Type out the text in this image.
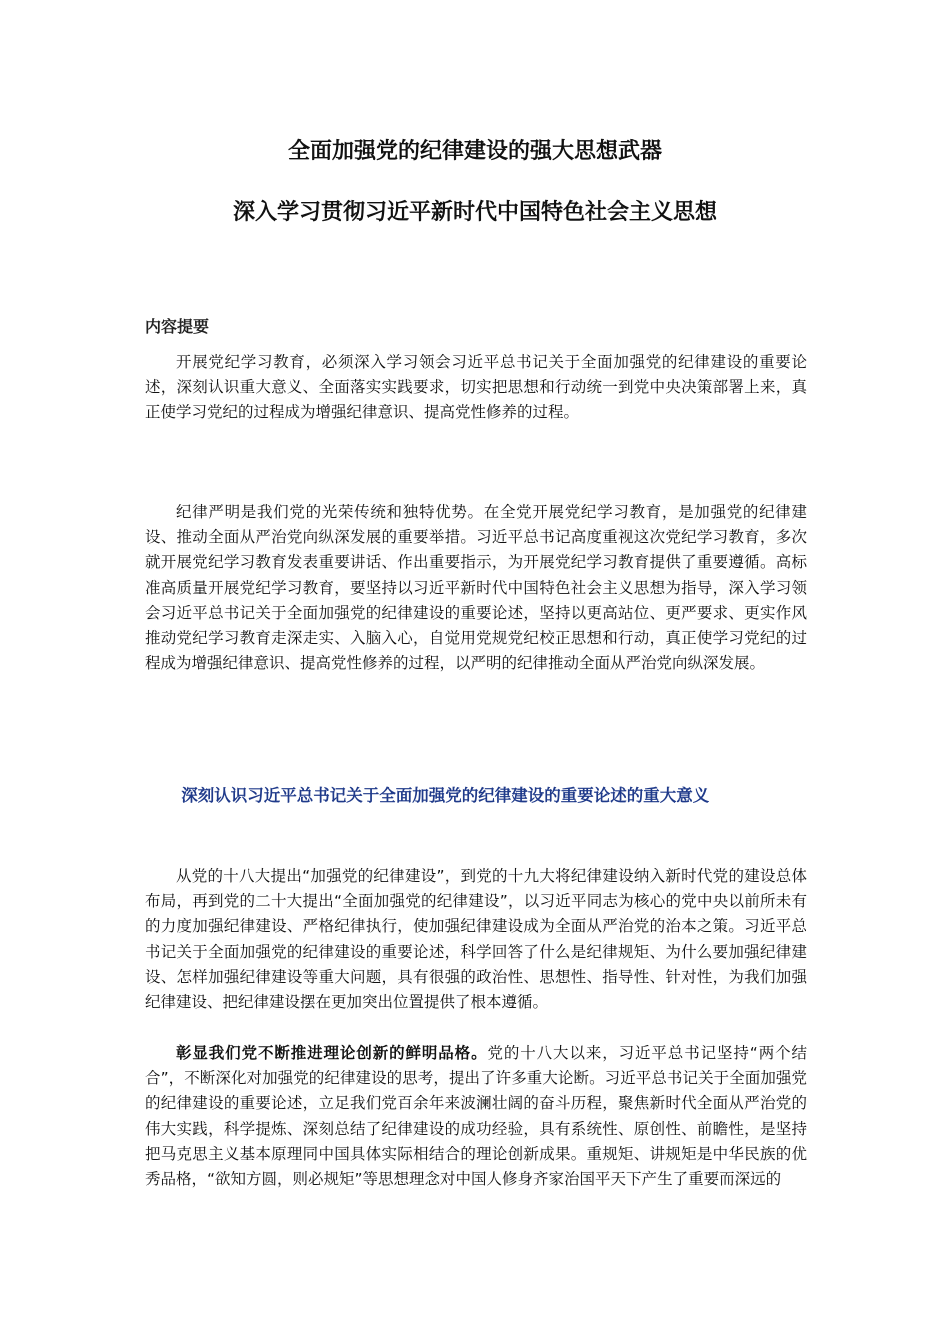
全面加强党的纪律建设的强大思想武器
深入学习贯彻习近平新时代中国特色社会主义思想
内容提要

开展党纪学习教育，必须深入学习领会习近平总书记关于全面加强党的纪律建设的重要论述，深刻认识重大意义、全面落实实践要求，切实把思想和行动统一到党中央决策部署上来，真正使学习党纪的过程成为增强纪律意识、提高党性修养的过程。

纪律严明是我们党的光荣传统和独特优势。在全党开展党纪学习教育，是加强党的纪律建设、推动全面从严治党向纵深发展的重要举措。习近平总书记高度重视这次党纪学习教育，多次就开展党纪学习教育发表重要讲话、作出重要指示，为开展党纪学习教育提供了重要遵循。高标准高质量开展党纪学习教育，要坚持以习近平新时代中国特色社会主义思想为指导，深入学习领会习近平总书记关于全面加强党的纪律建设的重要论述，坚持以更高站位、更严要求、更实作风推动党纪学习教育走深走实、入脑入心，自觉用党规党纪校正思想和行动，真正使学习党纪的过程成为增强纪律意识、提高党性修养的过程，以严明的纪律推动全面从严治党向纵深发展。

深刻认识习近平总书记关于全面加强党的纪律建设的重要论述的重大意义

从党的十八大提出“加强党的纪律建设”，到党的十九大将纪律建设纳入新时代党的建设总体布局，再到党的二十大提出“全面加强党的纪律建设”，以习近平同志为核心的党中央以前所未有的力度加强纪律建设、严格纪律执行，使加强纪律建设成为全面从严治党的治本之策。习近平总书记关于全面加强党的纪律建设的重要论述，科学回答了什么是纪律规矩、为什么要加强纪律建设、怎样加强纪律建设等重大问题，具有很强的政治性、思想性、指导性、针对性，为我们加强纪律建设、把纪律建设摆在更加突出位置提供了根本遵循。

彰显我们党不断推进理论创新的鲜明品格。党的十八大以来，习近平总书记坚持“两个结合”，不断深化对加强党的纪律建设的思考，提出了许多重大论断。习近平总书记关于全面加强党的纪律建设的重要论述，立足我们党百余年来波澜壮阔的奋斗历程，聚焦新时代全面从严治党的伟大实践，科学提炼、深刻总结了纪律建设的成功经验，具有系统性、原创性、前瞻性，是坚持把马克思主义基本原理同中国具体实际相结合的理论创新成果。重规矩、讲规矩是中华民族的优秀品格，“欲知方圆，则必规矩”等思想理念对中国人修身齐家治国平天下产生了重要而深远的
